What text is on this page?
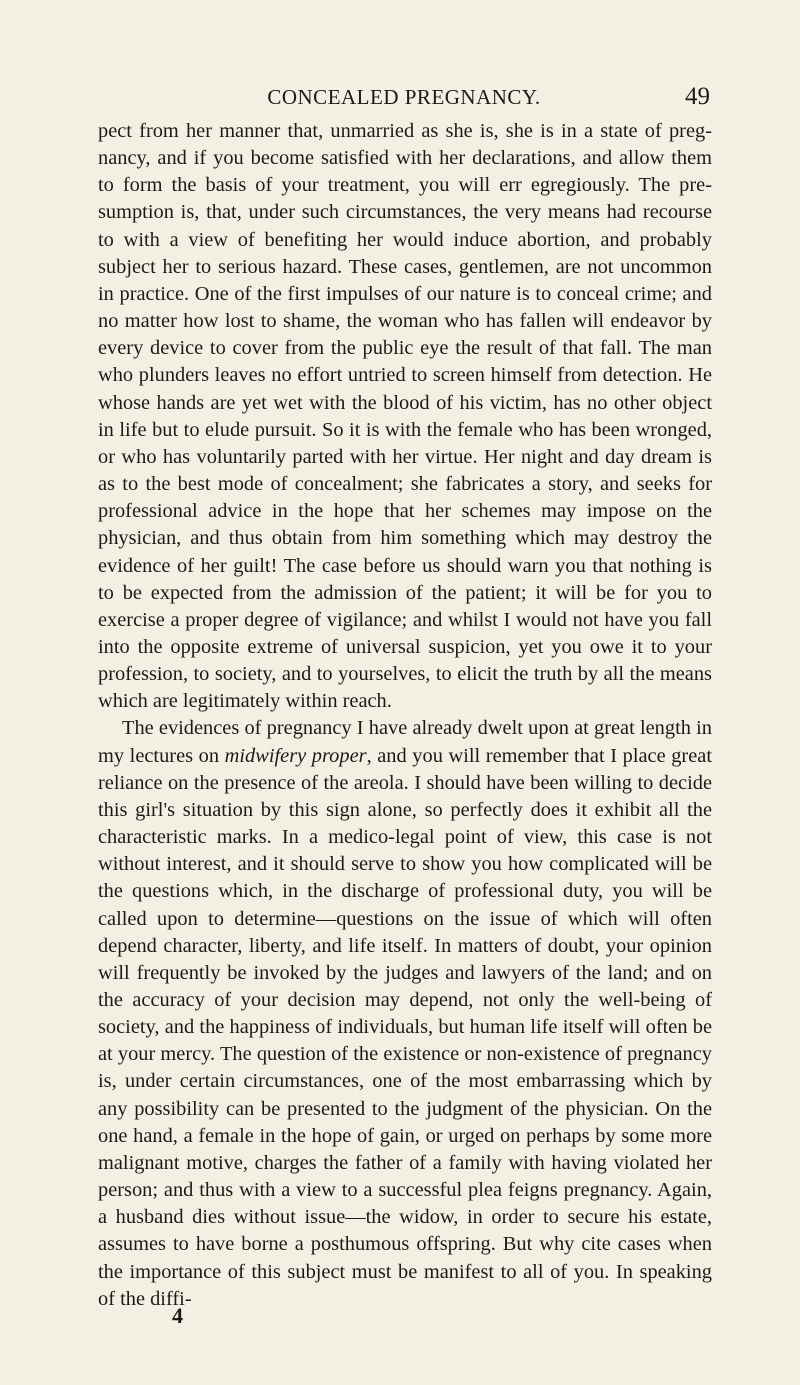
CONCEALED PREGNANCY.	49

pect from her manner that, unmarried as she is, she is in a state of pregnancy, and if you become satisfied with her declarations, and allow them to form the basis of your treatment, you will err egregiously. The presumption is, that, under such circumstances, the very means had recourse to with a view of benefiting her would induce abortion, and probably subject her to serious hazard. These cases, gentlemen, are not uncommon in practice. One of the first impulses of our nature is to conceal crime; and no matter how lost to shame, the woman who has fallen will endeavor by every device to cover from the public eye the result of that fall. The man who plunders leaves no effort untried to screen himself from detection. He whose hands are yet wet with the blood of his victim, has no other object in life but to elude pursuit. So it is with the female who has been wronged, or who has voluntarily parted with her virtue. Her night and day dream is as to the best mode of concealment; she fabricates a story, and seeks for professional advice in the hope that her schemes may impose on the physician, and thus obtain from him something which may destroy the evidence of her guilt! The case before us should warn you that nothing is to be expected from the admission of the patient; it will be for you to exercise a proper degree of vigilance; and whilst I would not have you fall into the opposite extreme of universal suspicion, yet you owe it to your profession, to society, and to yourselves, to elicit the truth by all the means which are legitimately within reach.

The evidences of pregnancy I have already dwelt upon at great length in my lectures on midwifery proper, and you will remember that I place great reliance on the presence of the areola. I should have been willing to decide this girl's situation by this sign alone, so perfectly does it exhibit all the characteristic marks. In a medico-legal point of view, this case is not without interest, and it should serve to show you how complicated will be the questions which, in the discharge of professional duty, you will be called upon to determine—questions on the issue of which will often depend character, liberty, and life itself. In matters of doubt, your opinion will frequently be invoked by the judges and lawyers of the land; and on the accuracy of your decision may depend, not only the well-being of society, and the happiness of individuals, but human life itself will often be at your mercy. The question of the existence or non-existence of pregnancy is, under certain circumstances, one of the most embarrassing which by any possibility can be presented to the judgment of the physician. On the one hand, a female in the hope of gain, or urged on perhaps by some more malignant motive, charges the father of a family with having violated her person; and thus with a view to a successful plea feigns pregnancy. Again, a husband dies without issue—the widow, in order to secure his estate, assumes to have borne a posthumous offspring. But why cite cases when the importance of this subject must be manifest to all of you. In speaking of the diffi-

4
